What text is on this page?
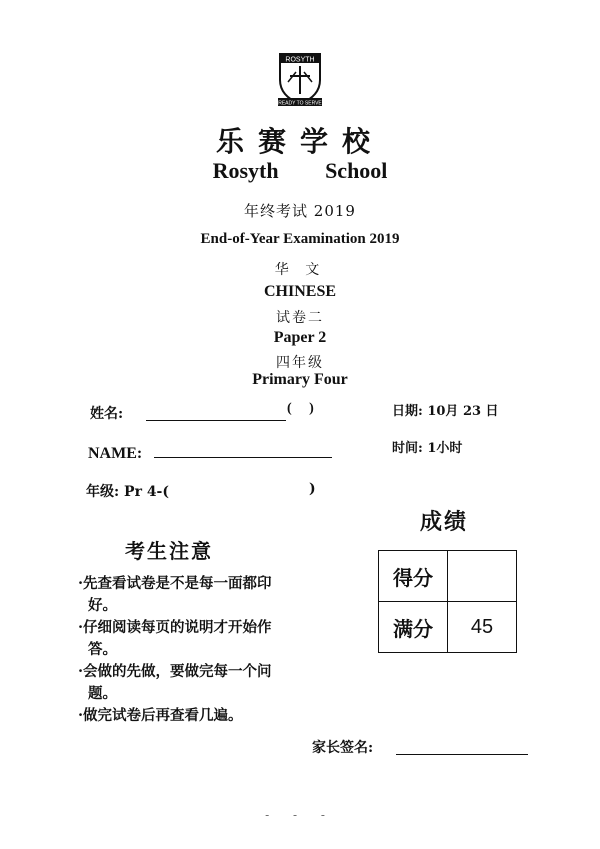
ROSYTH
READY TO SERVE
乐赛学校
Rosyth   School
年终考试 2019
End-of-Year Examination 2019
华 文
CHINESE
试卷二
Paper 2
四年级
Primary Four
姓名:	(     )
NAME:
年级: Pr 4-(	)
日期: 10月 23 日
时间: 1小时
成绩
得分	
满分	45
考生注意
·先查看试卷是不是每一面都印好。
·仔细阅读每页的说明才开始作答。
·会做的先做，要做完每一个问题。
·做完试卷后再查看几遍。
家长签名:
- - -
